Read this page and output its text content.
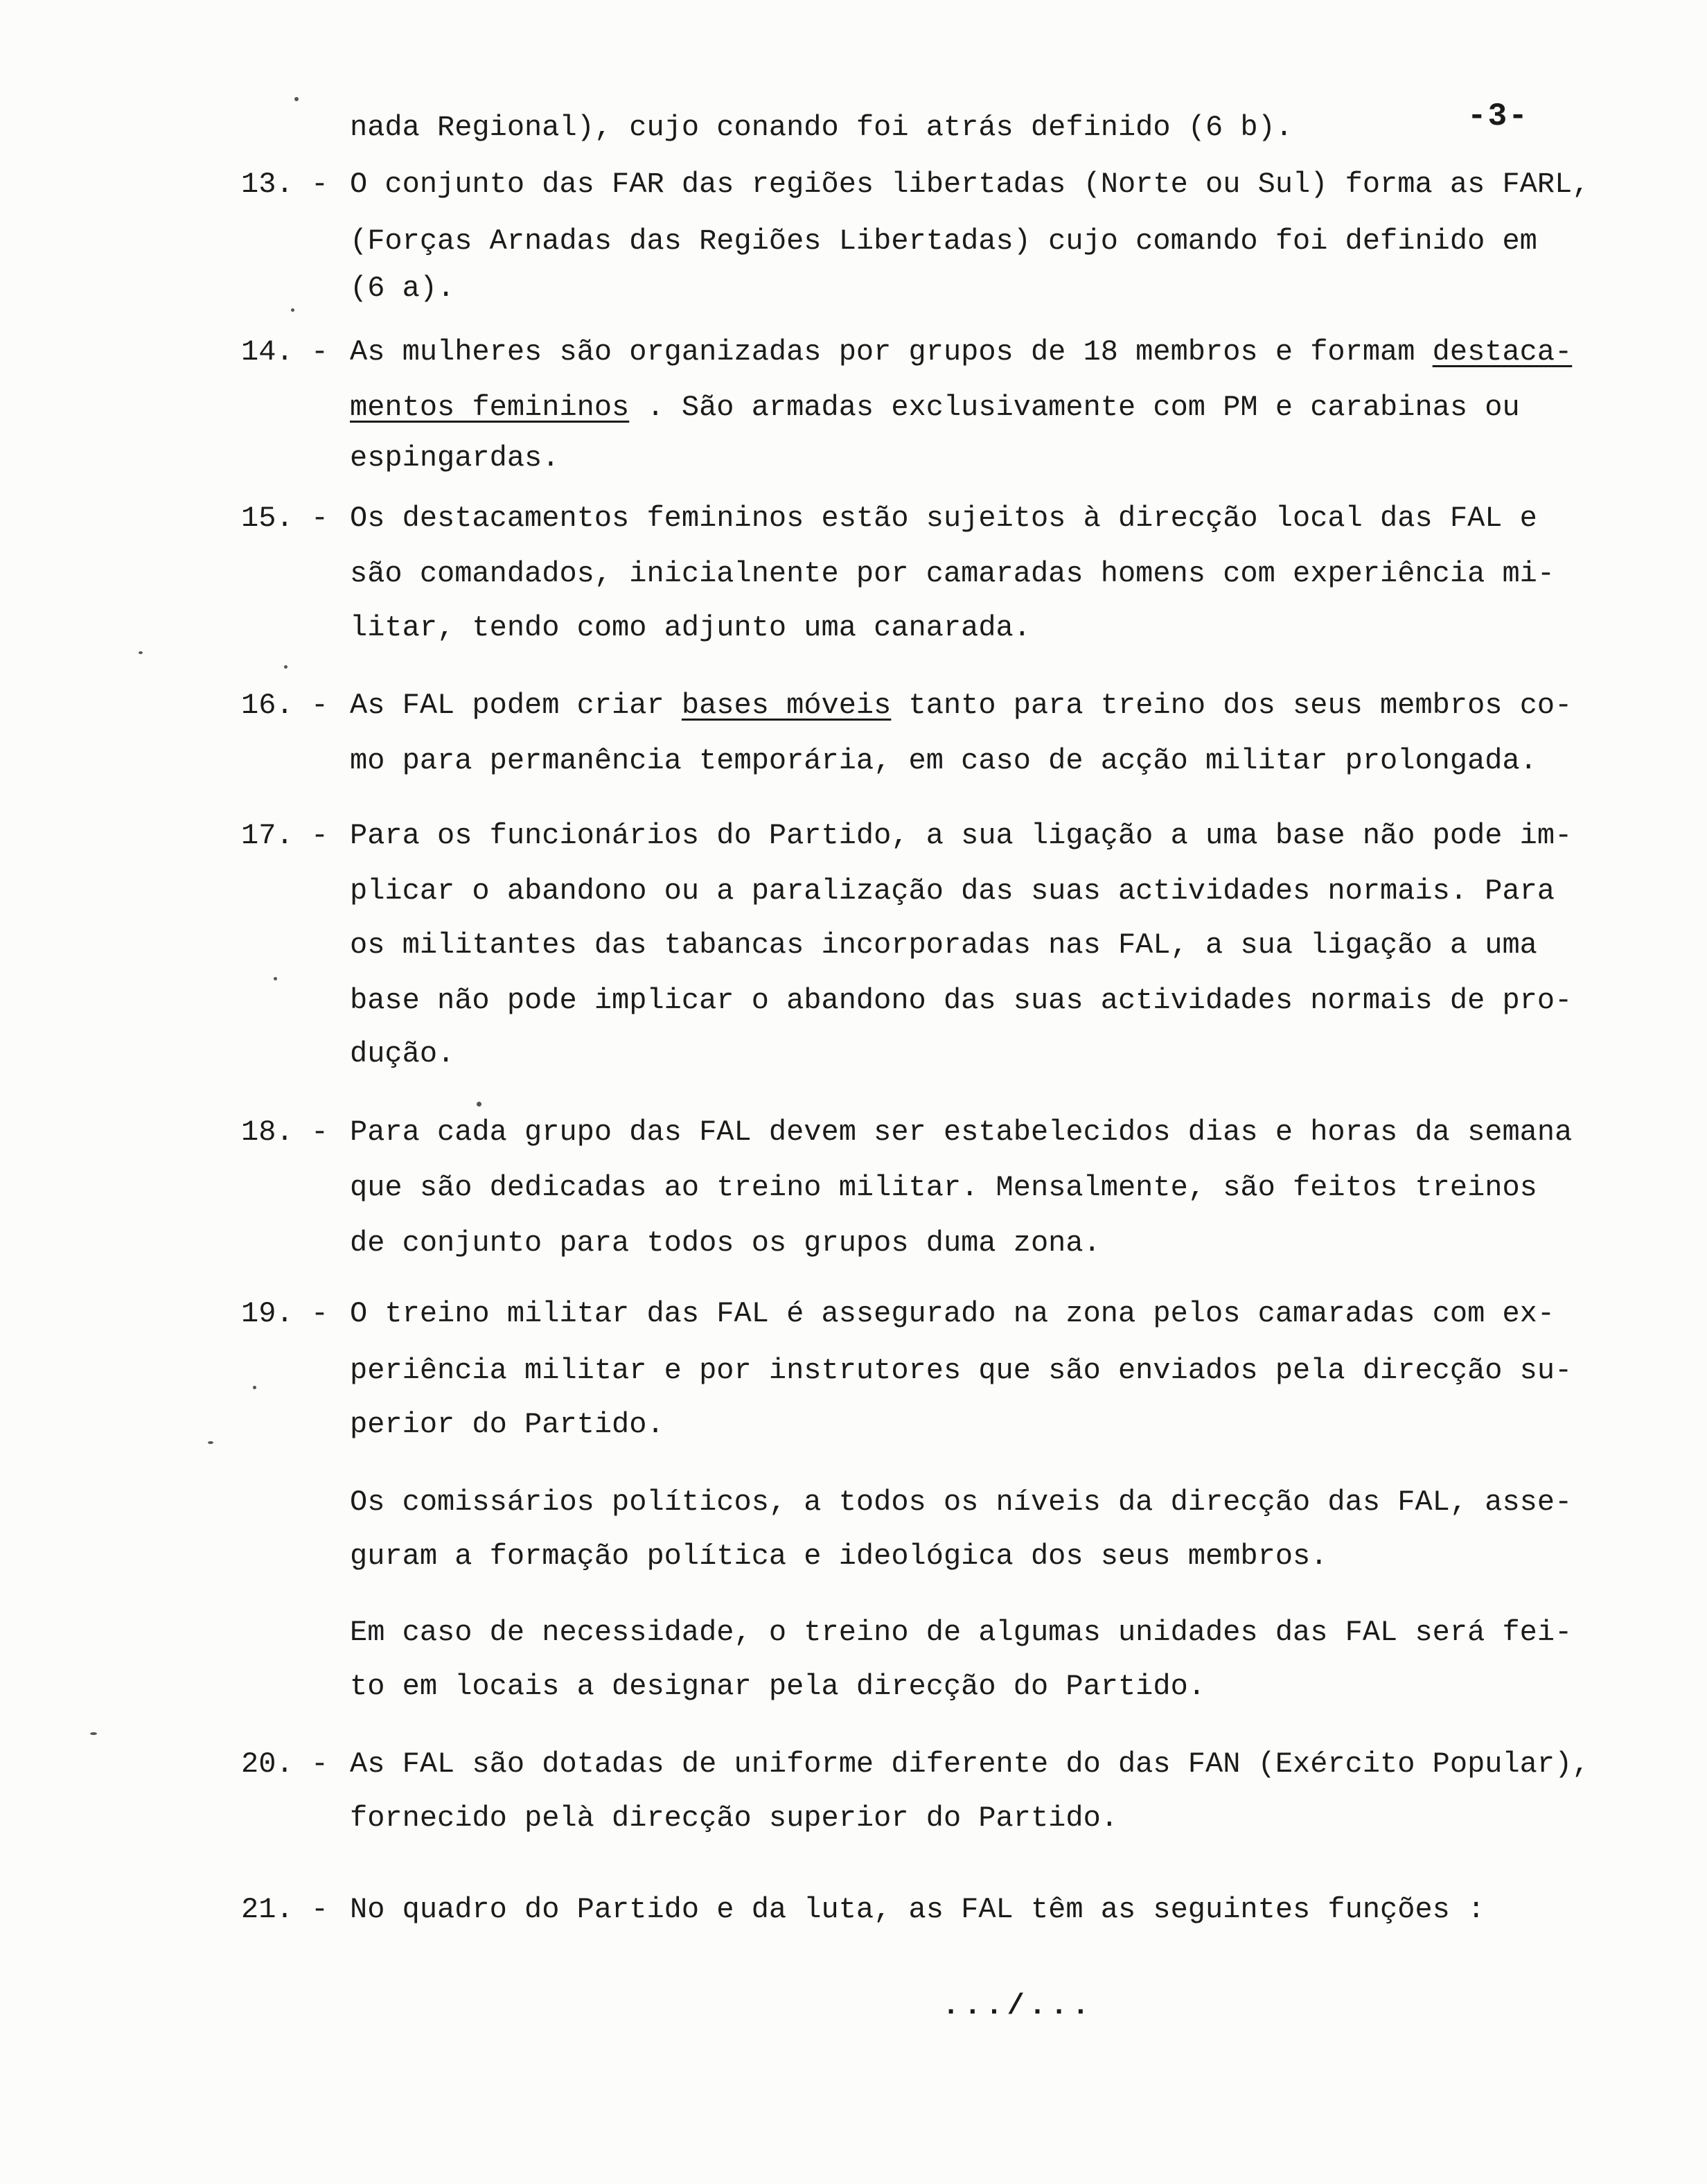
-3-
nada Regional), cujo conando foi atrás definido (6 b).
13. - O conjunto das FAR das regiões libertadas (Norte ou Sul) forma as FARL,
(Forças Arnadas das Regiões Libertadas) cujo comando foi definido em
(6 a).
14. - As mulheres são organizadas por grupos de 18 membros e formam destaca-
mentos femininos . São armadas exclusivamente com PM e carabinas ou
espingardas.
15. - Os destacamentos femininos estão sujeitos à direcção local das FAL e
são comandados, inicialnente por camaradas homens com experiência mi-
litar, tendo como adjunto uma canarada.
16. - As FAL podem criar bases móveis tanto para treino dos seus membros co-
mo para permanência temporária, em caso de acção militar prolongada.
17. - Para os funcionários do Partido, a sua ligação a uma base não pode im-
plicar o abandono ou a paralização das suas actividades normais. Para
os militantes das tabancas incorporadas nas FAL, a sua ligação a uma
base não pode implicar o abandono das suas actividades normais de pro-
dução.
18. - Para cada grupo das FAL devem ser estabelecidos dias e horas da semana
que são dedicadas ao treino militar. Mensalmente, são feitos treinos
de conjunto para todos os grupos duma zona.
19. - O treino militar das FAL é assegurado na zona pelos camaradas com ex-
periência militar e por instrutores que são enviados pela direcção su-
perior do Partido.
Os comissários políticos, a todos os níveis da direcção das FAL, asse-
guram a formação política e ideológica dos seus membros.
Em caso de necessidade, o treino de algumas unidades das FAL será fei-
to em locais a designar pela direcção do Partido.
20. - As FAL são dotadas de uniforme diferente do das FAN (Exército Popular),
fornecido pelà direcção superior do Partido.
21. - No quadro do Partido e da luta, as FAL têm as seguintes funções :
.../...
